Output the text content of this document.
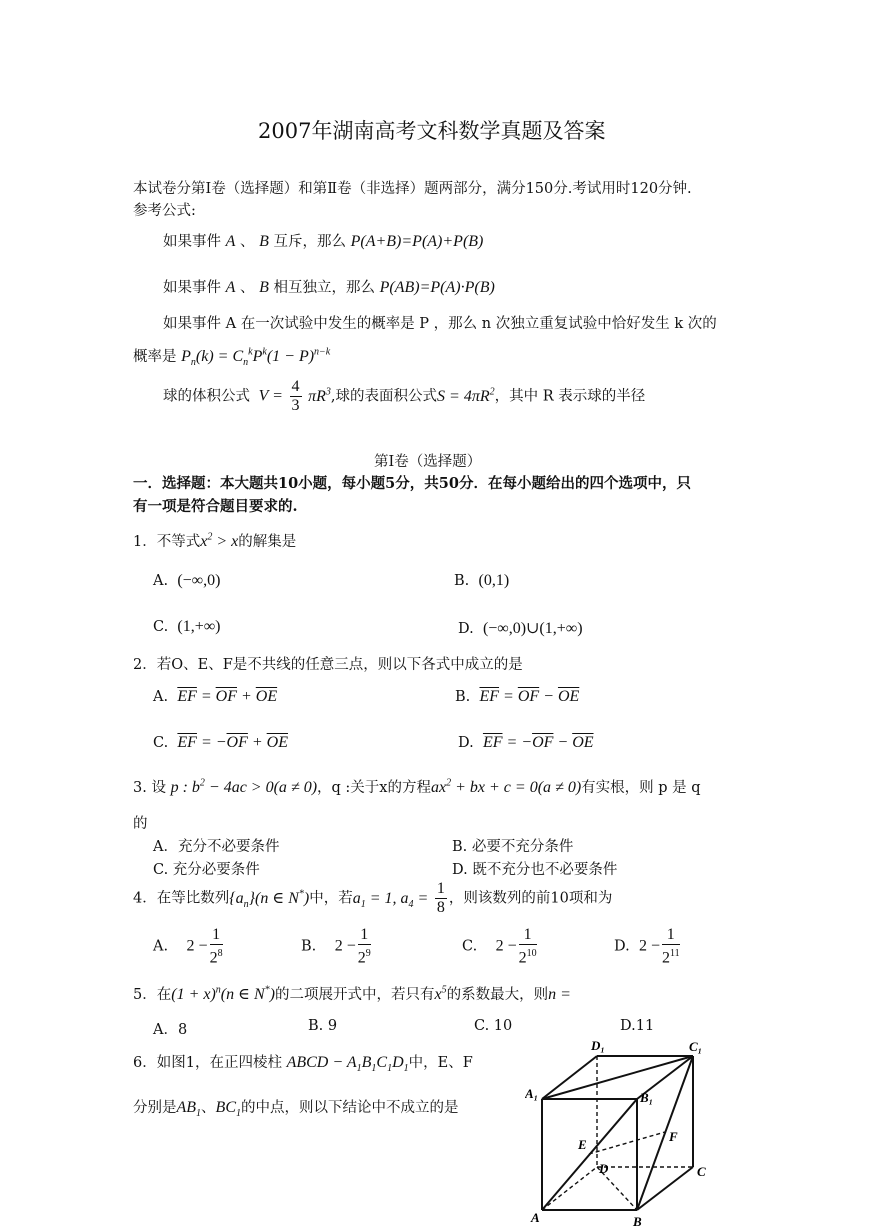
2007年湖南高考文科数学真题及答案
本试卷分第Ⅰ卷（选择题）和第Ⅱ卷（非选择）题两部分，满分150分.考试用时120分钟.
参考公式:
如果事件 A 、 B 互斥，那么 P(A+B)=P(A)+P(B)
如果事件 A 、 B 相互独立，那么 P(AB)=P(A)·P(B)
如果事件 A 在一次试验中发生的概率是 P ，那么 n 次独立重复试验中恰好发生 k 次的
概率是 $P_n(k) = C_n^kP^k(1 - P)^{n-k}$
球的体积公式  $V = \frac{4}{3} \pi R^3$,球的表面积公式$S = 4\pi R^2$，其中 R 表示球的半径
第Ⅰ卷（选择题）
一．选择题：本大题共10小题，每小题5分，共50分．在每小题给出的四个选项中，只
有一项是符合题目要求的.
1．不等式$x^2 > x$的解集是
A. (−∞,0)	B. (0,1)
C. (1,+∞)	D. (−∞,0)∪(1,+∞)
2．若O、E、F是不共线的任意三点，则以下各式中成立的是
A. $\overline{EF} = \overline{OF} + \overline{OE}$	B. $\overline{EF} = \overline{OF} - \overline{OE}$
C. $\overline{EF} = -\overline{OF} + \overline{OE}$	D. $\overline{EF} = -\overline{OF} - \overline{OE}$
3. 设 p : $b^2 - 4ac > 0(a \ne 0)$，q :关于x的方程$ax^2$ + bx + c = 0(a ≠ 0)有实根，则 p 是 q
的
A．充分不必要条件	B. 必要不充分条件
C. 充分必要条件	D. 既不充分也不必要条件
4．在等比数列$\{a_n\}(n$ ∈ N*)中，若$a_1 = 1$, $a_4 = \frac{1}{8}$ ，则该数列的前10项和为
A. $2 - \frac{1}{2^8}$	B. $2 - \frac{1}{2^9}$	C. $2 - \frac{1}{2^{10}}$	D. $2 - \frac{1}{2^{11}}$
5．在$(1 + x)^n(n$ ∈ N*)的二项展开式中，若只有$x^5$的系数最大，则n =
A．8	B. 9	C. 10	D.11
6．如图1，在正四棱柱 ABCD − $A_1B_1C_1D_1$中，E、F
分别是$AB_1$、$BC_1$的中点，则以下结论中不成立的是
D₁	C₁
A₁	B₁
E
F
D	C
A	B
